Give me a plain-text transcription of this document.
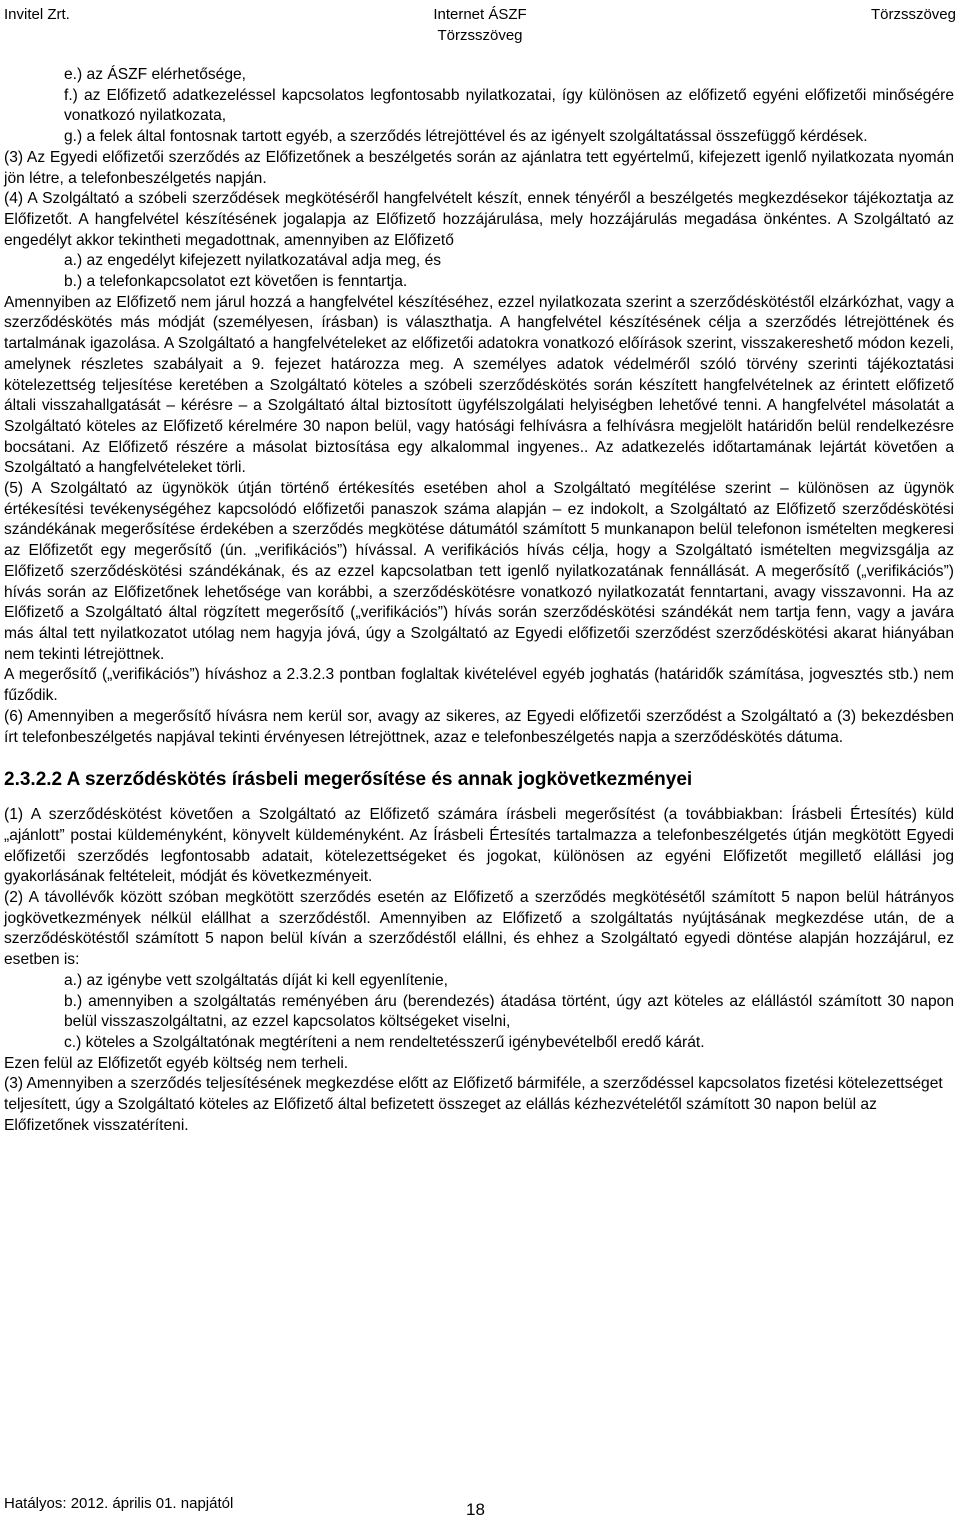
Invitel Zrt.	Internet ÁSZF
Törzsszöveg
Törzsszöveg

e.) az ÁSZF elérhetősége,

f.) az Előfizető adatkezeléssel kapcsolatos legfontosabb nyilatkozatai, így különösen az előfizető egyéni előfizetői minőségére vonatkozó nyilatkozata,

g.) a felek által fontosnak tartott egyéb, a szerződés létrejöttével és az igényelt szolgáltatással összefüggő kérdések.

(3) Az Egyedi előfizetői szerződés az Előfizetőnek a beszélgetés során az ajánlatra tett egyértelmű, kifejezett igenlő nyilatkozata nyomán jön létre, a telefonbeszélgetés napján.

(4) A Szolgáltató a szóbeli szerződések megkötéséről hangfelvételt készít, ennek tényéről a beszélgetés megkezdésekor tájékoztatja az Előfizetőt. A hangfelvétel készítésének jogalapja az Előfizető hozzájárulása, mely hozzájárulás megadása önkéntes. A Szolgáltató az engedélyt akkor tekintheti megadottnak, amennyiben az Előfizető

a.) az engedélyt kifejezett nyilatkozatával adja meg, és

b.) a telefonkapcsolatot ezt követően is fenntartja.

Amennyiben az Előfizető nem járul hozzá a hangfelvétel készítéséhez, ezzel nyilatkozata szerint a szerződéskötéstől elzárkózhat, vagy a szerződéskötés más módját (személyesen, írásban) is választhatja. A hangfelvétel készítésének célja a szerződés létrejöttének és tartalmának igazolása. A Szolgáltató a hangfelvételeket az előfizetői adatokra vonatkozó előírások szerint, visszakereshető módon kezeli, amelynek részletes szabályait a 9. fejezet határozza meg. A személyes adatok védelméről szóló törvény szerinti tájékoztatási kötelezettség teljesítése keretében a Szolgáltató köteles a szóbeli szerződéskötés során készített hangfelvételnek az érintett előfizető általi visszahallgatását – kérésre – a Szolgáltató által biztosított ügyfélszolgálati helyiségben lehetővé tenni. A hangfelvétel másolatát a Szolgáltató köteles az Előfizető kérelmére 30 napon belül, vagy hatósági felhívásra a felhívásra megjelölt határidőn belül rendelkezésre bocsátani. Az Előfizető részére a másolat biztosítása egy alkalommal ingyenes.. Az adatkezelés időtartamának lejártát követően a Szolgáltató a hangfelvételeket törli.

(5) A Szolgáltató az ügynökök útján történő értékesítés esetében ahol a Szolgáltató megítélése szerint – különösen az ügynök értékesítési tevékenységéhez kapcsolódó előfizetői panaszok száma alapján – ez indokolt, a Szolgáltató az Előfizető szerződéskötési szándékának megerősítése érdekében a szerződés megkötése dátumától számított 5 munkanapon belül telefonon ismételten megkeresi az Előfizetőt egy megerősítő (ún. „verifikációs”) hívással. A verifikációs hívás célja, hogy a Szolgáltató ismételten megvizsgálja az Előfizető szerződéskötési szándékának, és az ezzel kapcsolatban tett igenlő nyilatkozatának fennállását. A megerősítő („verifikációs”) hívás során az Előfizetőnek lehetősége van korábbi, a szerződéskötésre vonatkozó nyilatkozatát fenntartani, avagy visszavonni. Ha az Előfizető a Szolgáltató által rögzített megerősítő („verifikációs”) hívás során szerződéskötési szándékát nem tartja fenn, vagy a javára más által tett nyilatkozatot utólag nem hagyja jóvá, úgy a Szolgáltató az Egyedi előfizetői szerződést szerződéskötési akarat hiányában nem tekinti létrejöttnek.

A megerősítő („verifikációs”) híváshoz a 2.3.2.3 pontban foglaltak kivételével egyéb joghatás (határidők számítása, jogvesztés stb.) nem fűződik.

(6) Amennyiben a megerősítő hívásra nem kerül sor, avagy az sikeres, az Egyedi előfizetői szerződést a Szolgáltató a (3) bekezdésben írt telefonbeszélgetés napjával tekinti érvényesen létrejöttnek, azaz e telefonbeszélgetés napja a szerződéskötés dátuma.

2.3.2.2 A szerződéskötés írásbeli megerősítése és annak jogkövetkezményei

(1) A szerződéskötést követően a Szolgáltató az Előfizető számára írásbeli megerősítést (a továbbiakban: Írásbeli Értesítés) küld „ajánlott” postai küldeményként, könyvelt küldeményként. Az Írásbeli Értesítés tartalmazza a telefonbeszélgetés útján megkötött Egyedi előfizetői szerződés legfontosabb adatait, kötelezettségeket és jogokat, különösen az egyéni Előfizetőt megillető elállási jog gyakorlásának feltételeit, módját és következményeit.

(2) A távollévők között szóban megkötött szerződés esetén az Előfizető a szerződés megkötésétől számított 5 napon belül hátrányos jogkövetkezmények nélkül elállhat a szerződéstől. Amennyiben az Előfizető a szolgáltatás nyújtásának megkezdése után, de a szerződéskötéstől számított 5 napon belül kíván a szerződéstől elállni, és ehhez a Szolgáltató egyedi döntése alapján hozzájárul, ez esetben is:

a.) az igénybe vett szolgáltatás díját ki kell egyenlítenie,

b.) amennyiben a szolgáltatás reményében áru (berendezés) átadása történt, úgy azt köteles az elállástól számított 30 napon belül visszaszolgáltatni, az ezzel kapcsolatos költségeket viselni,

c.) köteles a Szolgáltatónak megtéríteni a nem rendeltetésszerű igénybevételből eredő kárát.

Ezen felül az Előfizetőt egyéb költség nem terheli.

(3) Amennyiben a szerződés teljesítésének megkezdése előtt az Előfizető bármiféle, a szerződéssel kapcsolatos fizetési kötelezettséget teljesített, úgy a Szolgáltató köteles az Előfizető által befizetett összeget az elállás kézhezvételétől számított 30 napon belül az Előfizetőnek visszatéríteni.

Hatályos: 2012. április 01. napjától	18
